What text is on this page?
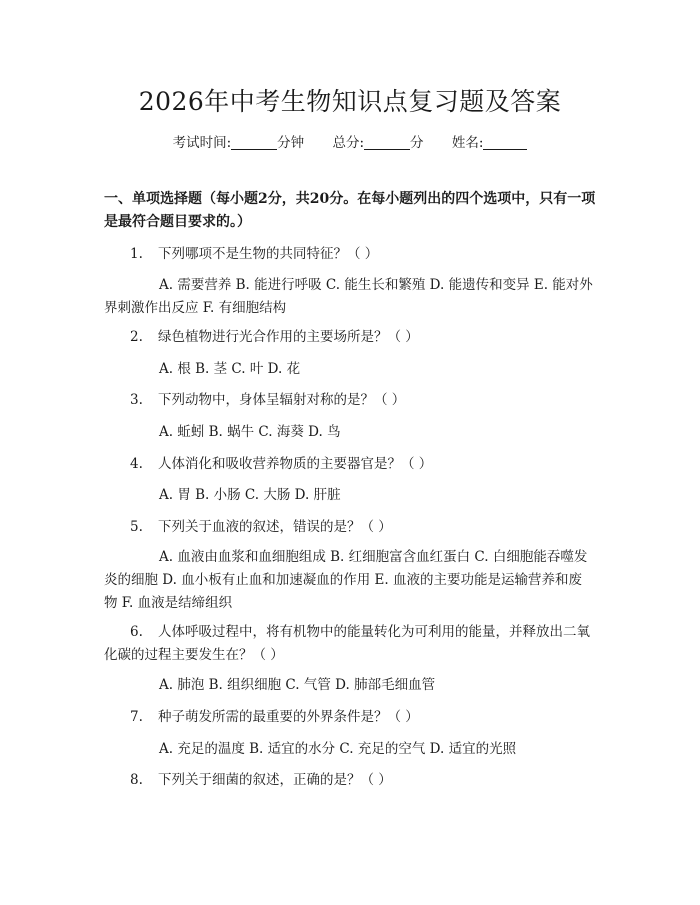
2026年中考生物知识点复习题及答案
考试时间:	分钟 总分:	分 姓名:

一、单项选择题（每小题2分，共20分。在每小题列出的四个选项中，只有一项是最符合题目要求的。）

1. 下列哪项不是生物的共同特征？（ ）

A. 需要营养 B. 能进行呼吸 C. 能生长和繁殖 D. 能遗传和变异 E. 能对外界刺激作出反应 F. 有细胞结构

2. 绿色植物进行光合作用的主要场所是？（ ）

A. 根 B. 茎 C. 叶 D. 花

3. 下列动物中，身体呈辐射对称的是？（ ）

A. 蚯蚓 B. 蜗牛 C. 海葵 D. 鸟

4. 人体消化和吸收营养物质的主要器官是？（ ）

A. 胃 B. 小肠 C. 大肠 D. 肝脏

5. 下列关于血液的叙述，错误的是？（ ）

A. 血液由血浆和血细胞组成 B. 红细胞富含血红蛋白 C. 白细胞能吞噬发炎的细胞 D. 血小板有止血和加速凝血的作用 E. 血液的主要功能是运输营养和废物 F. 血液是结缔组织

6. 人体呼吸过程中，将有机物中的能量转化为可利用的能量，并释放出二氧化碳的过程主要发生在？（ ）

A. 肺泡 B. 组织细胞 C. 气管 D. 肺部毛细血管

7. 种子萌发所需的最重要的外界条件是？（ ）

A. 充足的温度 B. 适宜的水分 C. 充足的空气 D. 适宜的光照

8. 下列关于细菌的叙述，正确的是？（ ）
